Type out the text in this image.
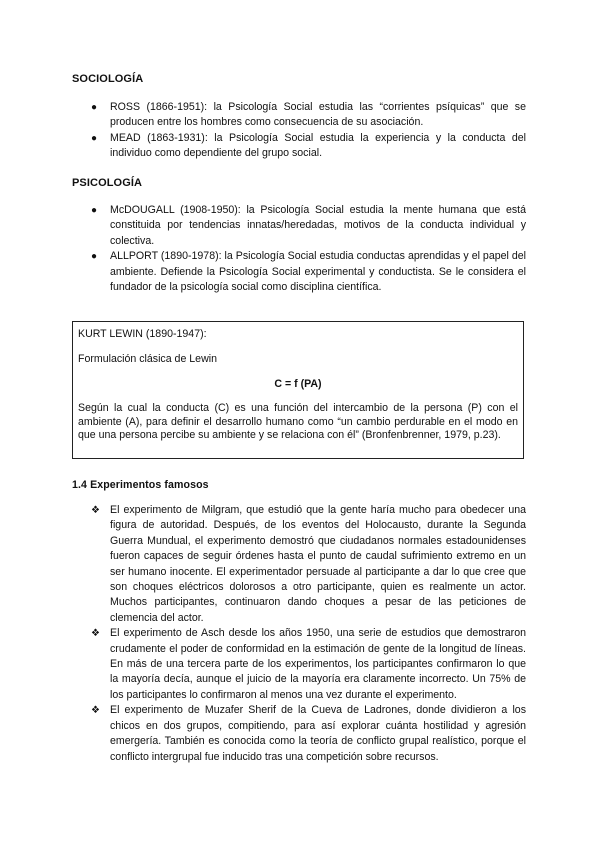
SOCIOLOGÍA
● ROSS (1866-1951): la Psicología Social estudia las “corrientes psíquicas” que se producen entre los hombres como consecuencia de su asociación.
● MEAD (1863-1931): la Psicología Social estudia la experiencia y la conducta del individuo como dependiente del grupo social.
PSICOLOGÍA
● McDOUGALL (1908-1950): la Psicología Social estudia la mente humana que está constituida por tendencias innatas/heredadas, motivos de la conducta individual y colectiva.
● ALLPORT (1890-1978): la Psicología Social estudia conductas aprendidas y el papel del ambiente. Defiende la Psicología Social experimental y conductista. Se le considera el fundador de la psicología social como disciplina científica.

KURT LEWIN (1890-1947):

Formulación clásica de Lewin

C = f (PA)

Según la cual la conducta (C) es una función del intercambio de la persona (P) con el ambiente (A), para definir el desarrollo humano como “un cambio perdurable en el modo en que una persona percibe su ambiente y se relaciona con él” (Bronfenbrenner, 1979, p.23).

1.4 Experimentos famosos
❖ El experimento de Milgram, que estudió que la gente haría mucho para obedecer una figura de autoridad. Después, de los eventos del Holocausto, durante la Segunda Guerra Mundual, el experimento demostró que ciudadanos normales estadounidenses fueron capaces de seguir órdenes hasta el punto de caudal sufrimiento extremo en un ser humano inocente. El experimentador persuade al participante a dar lo que cree que son choques eléctricos dolorosos a otro participante, quien es realmente un actor. Muchos participantes, continuaron dando choques a pesar de las peticiones de clemencia del actor.
❖ El experimento de Asch desde los años 1950, una serie de estudios que demostraron crudamente el poder de conformidad en la estimación de gente de la longitud de líneas. En más de una tercera parte de los experimentos, los participantes confirmaron lo que la mayoría decía, aunque el juicio de la mayoría era claramente incorrecto. Un 75% de los participantes lo confirmaron al menos una vez durante el experimento.
❖ El experimento de Muzafer Sherif de la Cueva de Ladrones, donde dividieron a los chicos en dos grupos, compitiendo, para así explorar cuánta hostilidad y agresión emergería. También es conocida como la teoría de conflicto grupal realístico, porque el conflicto intergrupal fue inducido tras una competición sobre recursos.
